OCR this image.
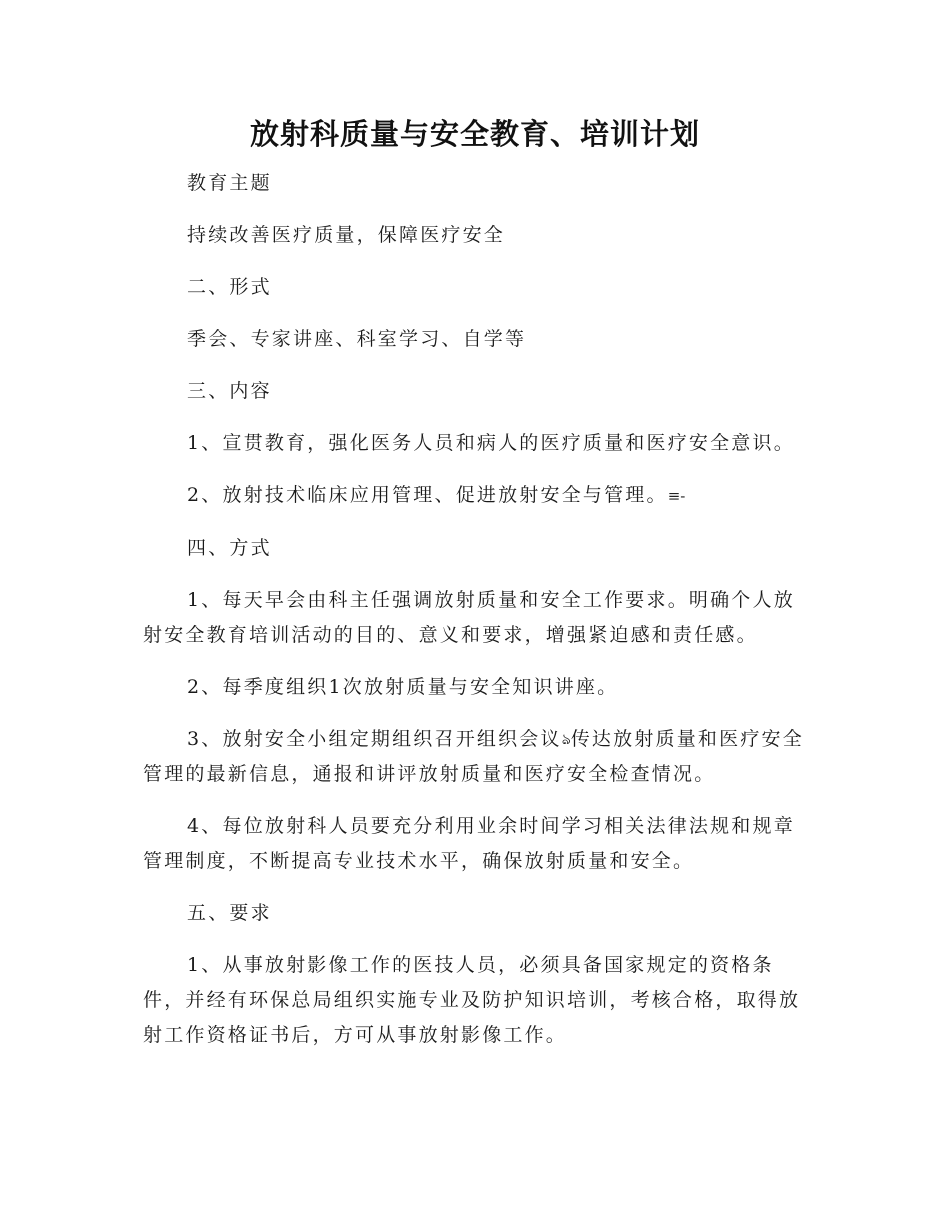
放射科质量与安全教育、培训计划

教育主题

持续改善医疗质量，保障医疗安全

二、形式

季会、专家讲座、科室学习、自学等

三、内容

1、宣贯教育，强化医务人员和病人的医疗质量和医疗安全意识。

2、放射技术临床应用管理、促进放射安全与管理。≡-

四、方式

1、每天早会由科主任强调放射质量和安全工作要求。明确个人放射安全教育培训活动的目的、意义和要求，增强紧迫感和责任感。

2、每季度组织1次放射质量与安全知识讲座。

3、放射安全小组定期组织召开组织会议ঌ传达放射质量和医疗安全管理的最新信息，通报和讲评放射质量和医疗安全检查情况。

4、每位放射科人员要充分利用业余时间学习相关法律法规和规章管理制度，不断提高专业技术水平，确保放射质量和安全。

五、要求

1、从事放射影像工作的医技人员，必须具备国家规定的资格条件，并经有环保总局组织实施专业及防护知识培训，考核合格，取得放射工作资格证书后，方可从事放射影像工作。
